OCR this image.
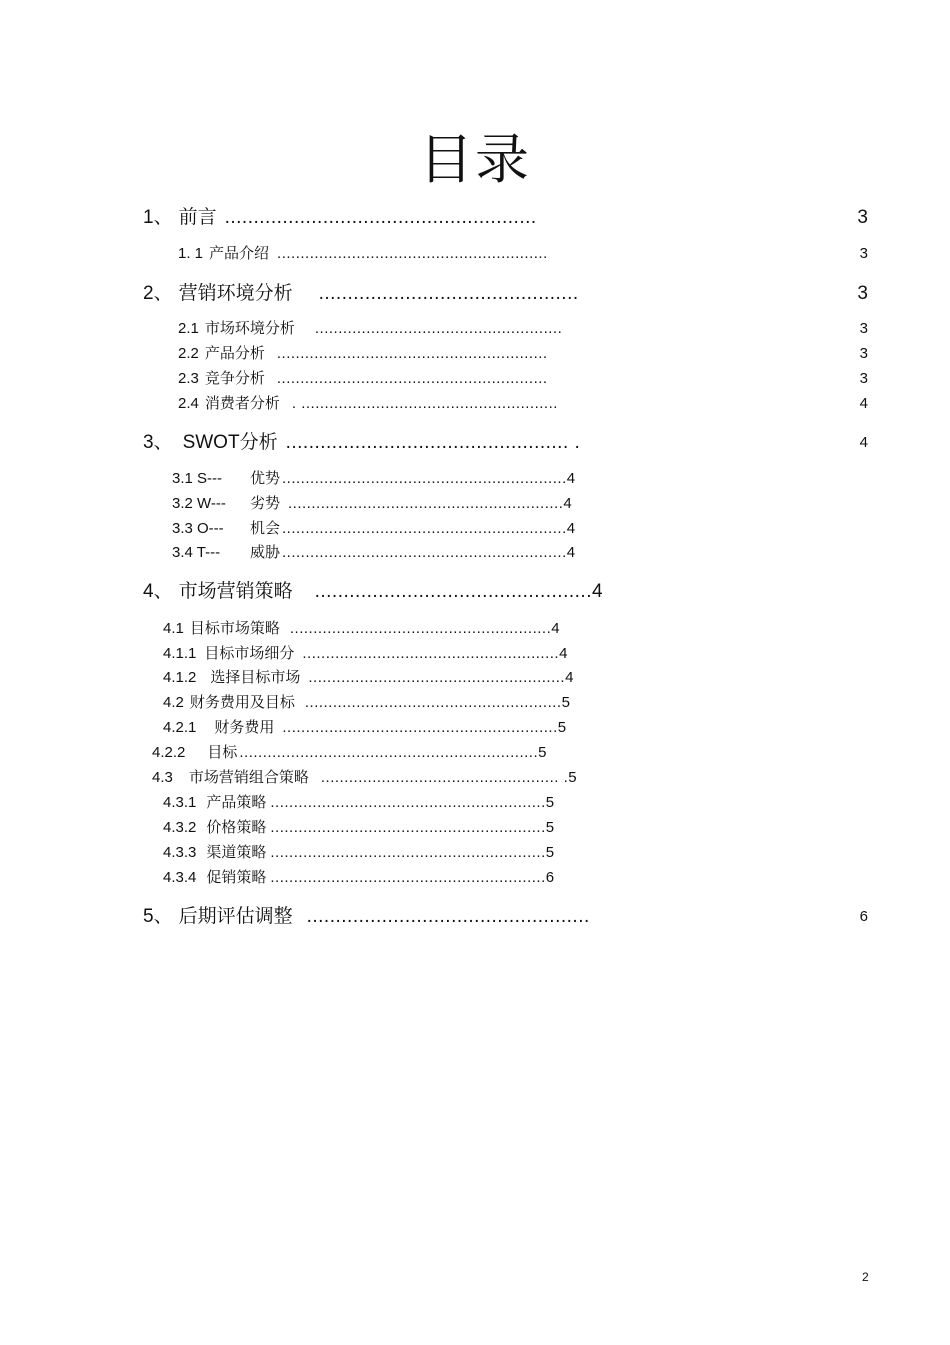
目录
1、 前言 ......................................................	3
1. 1 产品介绍 ..........................................................	3
2、 营销环境分析 .............................................	3
2.1 市场环境分析 .....................................................	3
2.2 产品分析 ..........................................................	3
2.3 竞争分析 ..........................................................	3
2.4 消费者分析 . .......................................................	4
3、 SWOT分析 ................................................. .	4
3.1 S--- 优势 .............................................................4
3.2 W--- 劣势 ...........................................................4
3.3 O--- 机会 .............................................................4
3.4 T--- 威胁 .............................................................4
4、 市场营销策略 ................................................4
4.1 目标市场策略 ........................................................4
4.1.1 目标市场细分 .......................................................4
4.1.2 选择目标市场 .......................................................4
4.2 财务费用及目标 .......................................................5
4.2.1 财务费用 ...........................................................5
4.2.2 目标 ................................................................5
4.3 市场营销组合策略 ................................................... .5
4.3.1 产品策略 ...........................................................5
4.3.2 价格策略 ...........................................................5
4.3.3 渠道策略 ...........................................................5
4.3.4 促销策略 ...........................................................6
5、 后期评估调整 .................................................	6
2
